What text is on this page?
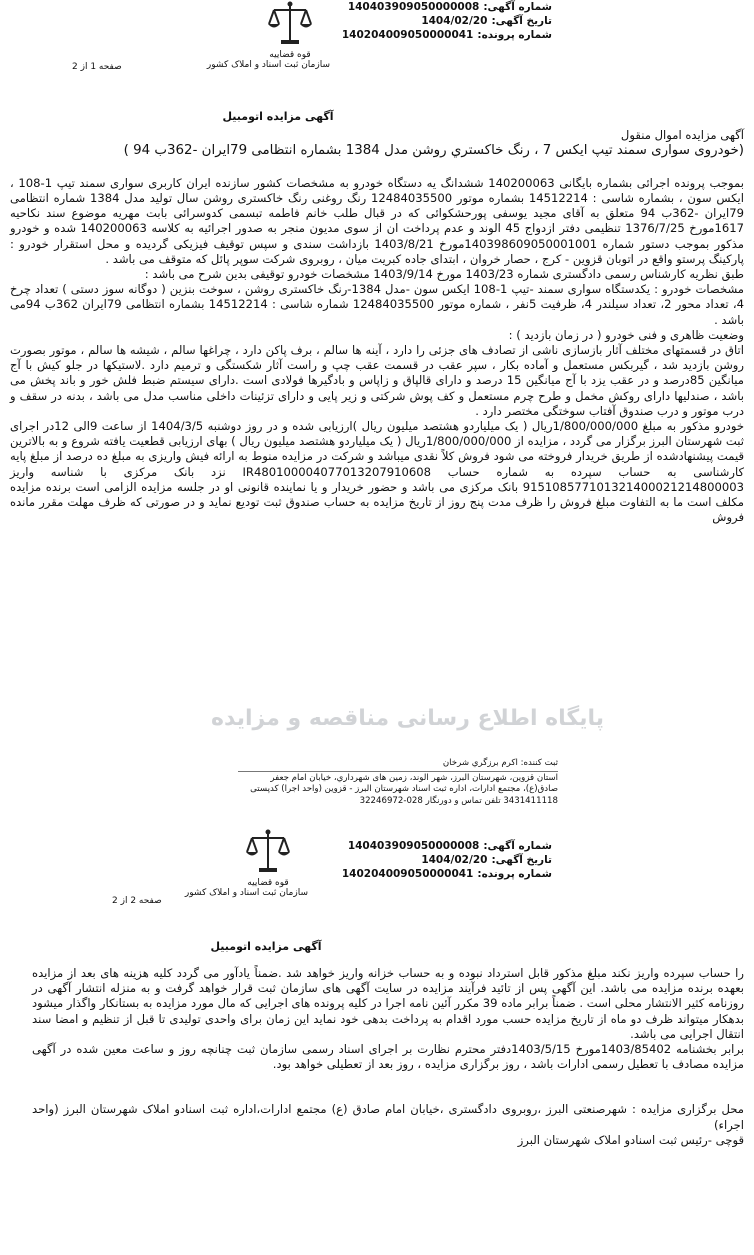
شماره آگهی:140403909050000008
تاریخ آگهی:1404/02/20
شماره پرونده:140204009050000041
قوه قضاییه
سازمان ثبت اسناد و املاک کشور
صفحه 1 از 2
آگهی مزایده اتومبیل
پایگاه اطلاع رسانی مناقصه و مزایده

آگهی مزایده اموال منقول

(خودروی سواری سمند تیپ ایکس 7 ، رنگ خاکستري روشن مدل 1384 بشماره انتظامی 79ایران -362ب 94 )

بموجب پرونده اجرائی بشماره بایگانی 140200063 ششدانگ یه دستگاه خودرو به مشخصات کشور سازنده ایران کاربری سواری سمند تیپ 1-108 ، ایکس سون ، بشماره شاسی : 14512214 بشماره موتور 12484035500 رنگ روغنی رنگ خاکستری روشن سال تولید مدل 1384 شماره انتظامی 79ایران -362ب 94 متعلق به آقای مجید یوسفی پورحشکوائی که در قبال طلب خانم فاطمه تبسمی کدوسرائی بابت مهریه موضوع سند نکاحیه 1617مورخ 1376/7/25 تنظیمی دفتر ازدواج 45 الوند و عدم پرداخت ان از سوی مدیون منجر به صدور اجرائیه به کلاسه 140200063 شده و خودرو مذکور بموجب دستور شماره 140398609050001001مورخ 1403/8/21 بازداشت سندی و سپس توقیف فیزیکی گردیده و محل استقرار خودرو : پارکینگ پرستو واقع در اتوبان قزوین - کرج ، حصار خروان ، ابتدای جاده کبریت میان ، روبروی شرکت سوپر پائل که متوقف می باشد .

طبق نظریه کارشناس رسمی دادگستری شماره 1403/23 مورخ 1403/9/14 مشخصات خودرو توقیفی بدین شرح می باشد :

مشخصات خودرو : یکدستگاه سواری سمند -تیپ 1-108 ایکس سون -مدل 1384-رنگ خاکستری روشن ، سوخت بنزین ( دوگانه سوز دستی ) تعداد چرخ 4، تعداد محور 2، تعداد سیلندر 4، ظرفیت 5نفر ، شماره موتور 12484035500 شماره شاسی : 14512214 بشماره انتظامی 79ایران 362ب 94می باشد .

وضعیت ظاهری و فنی خودرو ( در زمان بازدید ) :

اتاق در قسمتهای مختلف آثار بازسازی ناشی از تصادف های جزئی را دارد ، آینه ها سالم ، برف پاکن دارد ، چراغها سالم ، شیشه ها سالم ، موتور بصورت روشن بازدید شد ، گیربکس مستعمل و آماده بکار ، سپر عقب در قسمت عقب چپ و راست آثار شکستگی و ترمیم دارد .لاستیکها در جلو کیش با آج میانگین 85درصد و در عقب یزد با آج میانگین 15 درصد و دارای قالپاق و زاپاس و بادگیرها فولادی است .دارای سیستم ضبط فلش خور و باند پخش می باشد ، صندلیها دارای روکش مخمل و طرح چرم مستعمل و کف پوش شرکتی و زیر پایی و دارای تزئینات داخلی مناسب مدل می باشد ، بدنه در سقف و درب موتور و درب صندوق آفتاب سوختگی مختصر دارد .

خودرو مذکور به مبلغ 1/800/000/000ریال ( یک میلیاردو هشتصد میلیون ریال )ارزیابی شده و در روز دوشنبه 1404/3/5 از ساعت 9الی 12در اجرای ثبت شهرستان البرز برگزار می گردد ، مزایده از 1/800/000/000ریال ( یک میلیاردو هشتصد میلیون ریال ) بهای ارزیابی قطعیت یافته شروع و به بالاترین قیمت پیشنهادشده از طریق خریدار فروخته می شود فروش کلاً نقدی میباشد و شرکت در مزایده منوط به ارائه فیش واریزی به مبلغ ده درصد از مبلغ پایه کارشناسی به حساب سپرده به شماره حساب IR480100004077013207910608 نزد بانک مرکزی با شناسه واریز 915108577101321400021214800003 بانک مرکزی می باشد و حضور خریدار و یا نماینده قانونی او در جلسه مزایده الزامی است برنده مزایده مکلف است ما به التفاوت مبلغ فروش را ظرف مدت پنج روز از تاریخ مزایده به حساب صندوق ثبت تودیع نماید و در صورتی که ظرف مهلت مقرر مانده فروش

ثبت کننده: اکرم برزگري شرخان
استان قزوین، شهرستان البرز، شهر الوند، زمین های شهرداري، خیابان امام جعفر صادق(ع)، مجتمع ادارات، اداره ثبت اسناد شهرستان البرز - قزوین (واحد اجرا) کدپستی 3431411118 تلفن تماس و دورنگار 028-32246972
شماره آگهی:140403909050000008
تاریخ آگهی:1404/02/20
شماره پرونده:140204009050000041
قوه قضاییه
سازمان ثبت اسناد و املاک کشور
صفحه 2 از 2
آگهی مزایده اتومبیل

را حساب سپرده واریز نکند مبلغ مذکور قابل استرداد نبوده و به حساب خزانه واریز خواهد شد .ضمناً یادآور می گردد کلیه هزینه های بعد از مزایده بعهده برنده مزایده می باشد. این آگهی پس از تائید فرآیند مزایده در سایت آگهی های سازمان ثبت قرار خواهد گرفت و به منزله انتشار آگهی در روزنامه کثیر الانتشار محلی است . ضمناً برابر ماده 39 مکرر آئین نامه اجرا در کلیه پرونده های اجرایی که مال مورد مزایده به بستانکار واگذار میشود بدهکار میتواند ظرف دو ماه از تاریخ مزایده حسب مورد اقدام به پرداخت بدهی خود نماید این زمان برای واحدی تولیدی تا قبل از تنظیم و امضا سند انتقال اجرایی می باشد.

برابر بخشنامه 1403/85402مورخ 1403/5/15دفتر محترم نظارت بر اجرای اسناد رسمی سازمان ثبت چنانچه روز و ساعت معین شده در آگهی مزایده مصادف با تعطیل رسمی ادارات باشد ، روز برگزاری مزایده ، روز بعد از تعطیلی خواهد بود.

محل برگزاری مزایده : شهرصنعتی البرز ،روبروی دادگستری ،خیابان امام صادق (ع) مجتمع ادارات،اداره ثبت اسنادو املاک شهرستان البرز (واحد اجراء)

قوچی -رئیس ثبت اسنادو املاک شهرستان البرز
